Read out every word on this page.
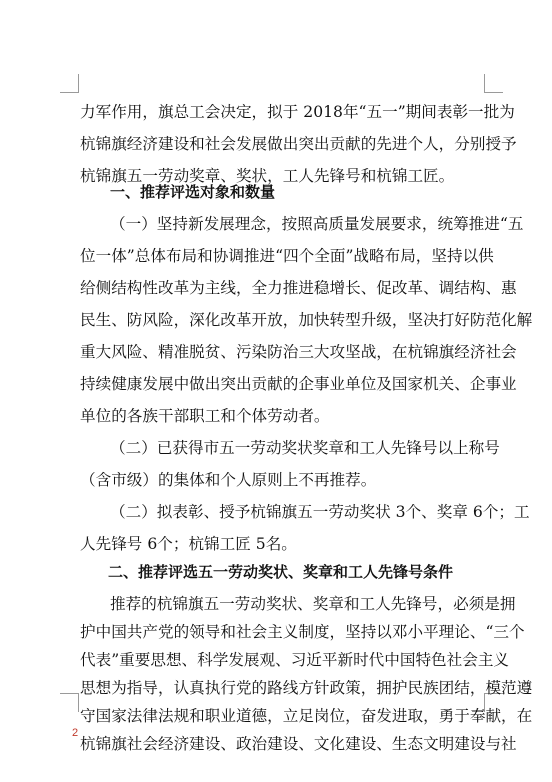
力军作用，旗总工会决定，拟于 2018年“五一”期间表彰一批为
杭锦旗经济建设和社会发展做出突出贡献的先进个人，分别授予
杭锦旗五一劳动奖章、奖状，工人先锋号和杭锦工匠。
一、推荐评选对象和数量
（一）坚持新发展理念，按照高质量发展要求，统筹推进“五
位一体”总体布局和协调推进“四个全面”战略布局，坚持以供
给侧结构性改革为主线，全力推进稳增长、促改革、调结构、惠
民生、防风险，深化改革开放，加快转型升级，坚决打好防范化解
重大风险、精准脱贫、污染防治三大攻坚战，在杭锦旗经济社会
持续健康发展中做出突出贡献的企事业单位及国家机关、企事业
单位的各族干部职工和个体劳动者。
（二）已获得市五一劳动奖状奖章和工人先锋号以上称号
（含市级）的集体和个人原则上不再推荐。
（二）拟表彰、授予杭锦旗五一劳动奖状 3个、奖章 6个；工
人先锋号 6个；杭锦工匠 5名。
二、推荐评选五一劳动奖状、奖章和工人先锋号条件
推荐的杭锦旗五一劳动奖状、奖章和工人先锋号，必须是拥
护中国共产党的领导和社会主义制度，坚持以邓小平理论、“三个
代表”重要思想、科学发展观、习近平新时代中国特色社会主义
思想为指导，认真执行党的路线方针政策，拥护民族团结，模范遵
守国家法律法规和职业道德，立足岗位，奋发进取，勇于奉献，在
杭锦旗社会经济建设、政治建设、文化建设、生态文明建设与社
2
